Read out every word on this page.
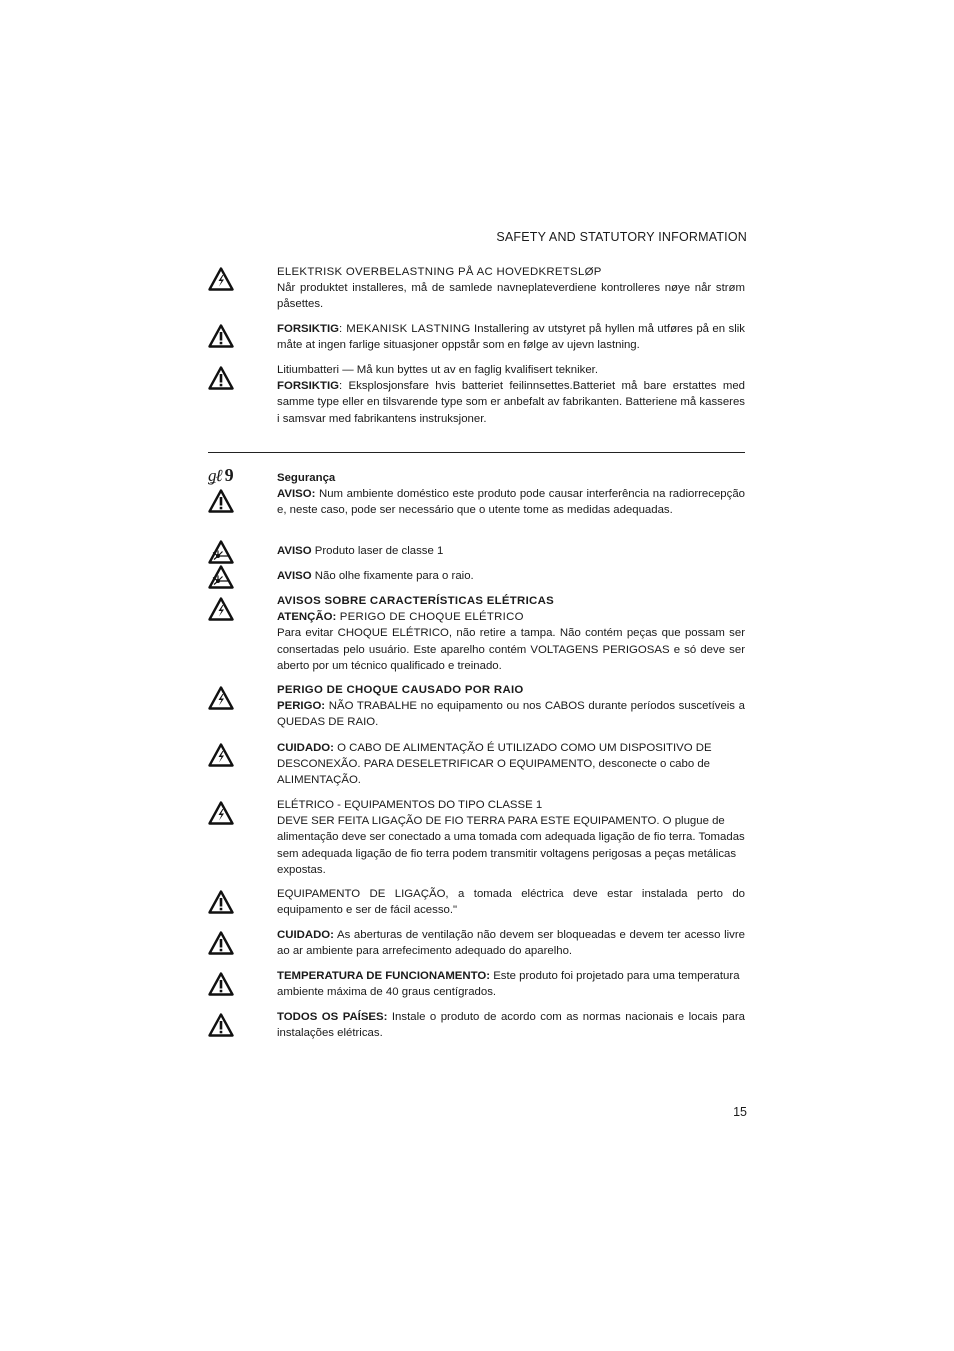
SAFETY AND STATUTORY INFORMATION

ELEKTRISK OVERBELASTNING PÅ AC HOVEDKRETSLØP

Når produktet installeres, må de samlede navneplateverdiene kontrolleres nøye når strøm påsettes.

FORSIKTIG: MEKANISK LASTNING Installering av utstyret på hyllen må utføres på en slik måte at ingen farlige situasjoner oppstår som en følge av ujevn lastning.

Litiumbatteri — Må kun byttes ut av en faglig kvalifisert tekniker.

FORSIKTIG: Eksplosjonsfare hvis batteriet feilinnsettes.Batteriet må bare erstattes med samme type eller en tilsvarende type som er anbefalt av fabrikanten. Batteriene må kasseres i samsvar med fabrikantens instruksjoner.

ǥℓ 9	Segurança

AVISO: Num ambiente doméstico este produto pode causar interferência na radiorrecepção e, neste caso, pode ser necessário que o utente tome as medidas adequadas.

AVISO Produto laser de classe 1

AVISO Não olhe fixamente para o raio.

AVISOS SOBRE CARACTERÍSTICAS ELÉTRICAS

ATENÇÃO: PERIGO DE CHOQUE ELÉTRICO

Para evitar CHOQUE ELÉTRICO, não retire a tampa. Não contém peças que possam ser consertadas pelo usuário. Este aparelho contém VOLTAGENS PERIGOSAS e só deve ser aberto por um técnico qualificado e treinado.

PERIGO DE CHOQUE CAUSADO POR RAIO

PERIGO: NÃO TRABALHE no equipamento ou nos CABOS durante períodos suscetíveis a QUEDAS DE RAIO.

CUIDADO: O CABO DE ALIMENTAÇÃO É UTILIZADO COMO UM DISPOSITIVO DE DESCONEXÃO. PARA DESELETRIFICAR O EQUIPAMENTO, desconecte o cabo de ALIMENTAÇÃO.

ELÉTRICO - EQUIPAMENTOS DO TIPO CLASSE 1

DEVE SER FEITA LIGAÇÃO DE FIO TERRA PARA ESTE EQUIPAMENTO. O plugue de alimentação deve ser conectado a uma tomada com adequada ligação de fio terra. Tomadas sem adequada ligação de fio terra podem transmitir voltagens perigosas a peças metálicas expostas.

EQUIPAMENTO DE LIGAÇÃO, a tomada eléctrica deve estar instalada perto do equipamento e ser de fácil acesso."

CUIDADO: As aberturas de ventilação não devem ser bloqueadas e devem ter acesso livre ao ar ambiente para arrefecimento adequado do aparelho.

TEMPERATURA DE FUNCIONAMENTO: Este produto foi projetado para uma temperatura ambiente máxima de 40 graus centígrados.

TODOS OS PAÍSES: Instale o produto de acordo com as normas nacionais e locais para instalações elétricas.

15
